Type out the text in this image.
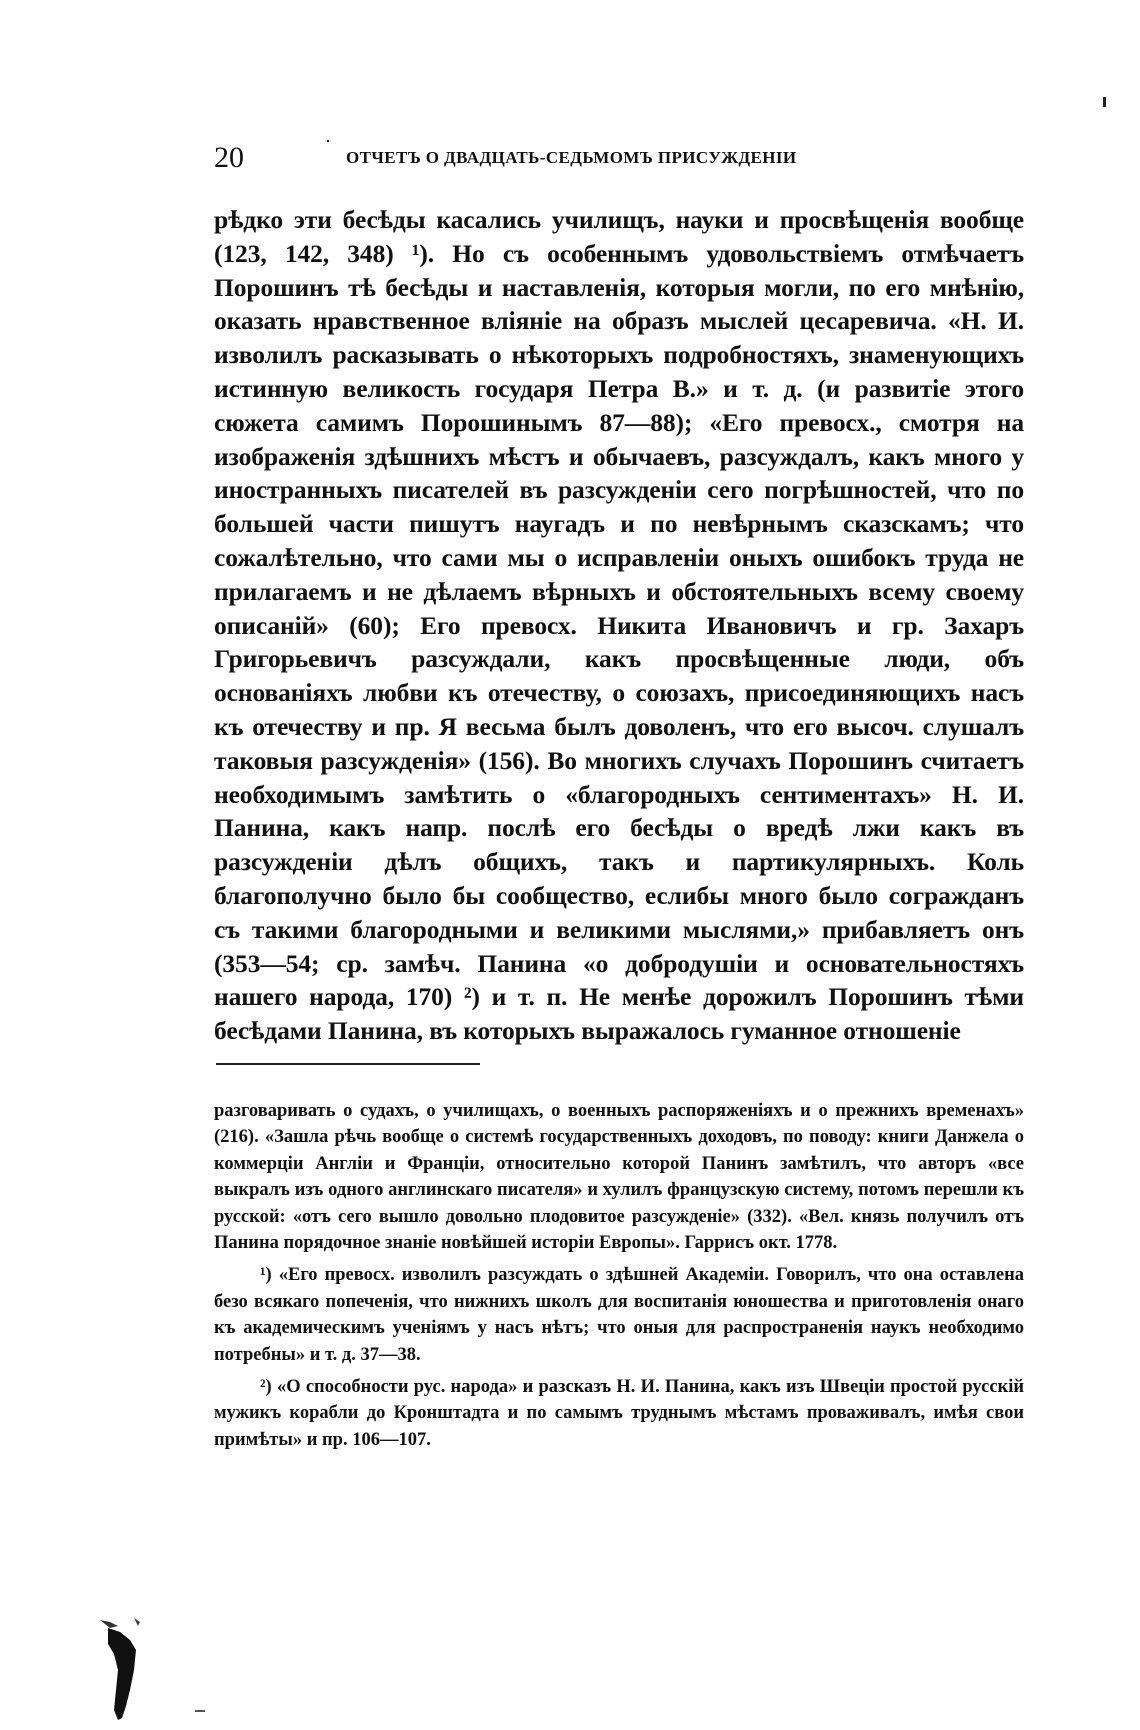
20	ОТЧЕТЪ О ДВАДЦАТЬ-СЕДЬМОМЪ ПРИСУЖДЕНІИ

рѣдко эти бесѣды касались училищъ, науки и просвѣщенія вообще (123, 142, 348) ¹). Но съ особеннымъ удовольствіемъ отмѣчаетъ Порошинъ тѣ бесѣды и наставленія, которыя могли, по его мнѣнію, оказать нравственное вліяніе на образъ мыслей цесаревича. «Н. И. изволилъ расказывать о нѣкоторыхъ подробностяхъ, знаменующихъ истинную великость государя Петра В.» и т. д. (и развитіе этого сюжета самимъ Порошинымъ 87—88); «Его превосх., смотря на изображенія здѣшнихъ мѣстъ и обычаевъ, разсуждалъ, какъ много у иностранныхъ писателей въ разсужденіи сего погрѣшностей, что по большей части пишутъ наугадъ и по невѣрнымъ сказскамъ; что сожалѣтельно, что сами мы о исправленіи оныхъ ошибокъ труда не прилагаемъ и не дѣлаемъ вѣрныхъ и обстоятельныхъ всему своему описаній» (60); Его превосх. Никита Ивановичъ и гр. Захаръ Григорьевичъ разсуждали, какъ просвѣщенные люди, объ основаніяхъ любви къ отечеству, о союзахъ, присоединяющихъ насъ къ отечеству и пр. Я весьма былъ доволенъ, что его высоч. слушалъ таковыя разсужденія» (156). Во многихъ случахъ Порошинъ считаетъ необходимымъ замѣтить о «благородныхъ сентиментахъ» Н. И. Панина, какъ напр. послѣ его бесѣды о вредѣ лжи какъ въ разсужденіи дѣлъ общихъ, такъ и партикулярныхъ. Коль благополучно было бы сообщество, еслибы много было согражданъ съ такими благородными и великими мыслями,» прибавляетъ онъ (353—54; ср. замѣч. Панина «о добродушіи и основательностяхъ нашего народа, 170) ²) и т. п. Не менѣе дорожилъ Порошинъ тѣми бесѣдами Панина, въ которыхъ выражалось гуманное отношеніе

разговаривать о судахъ, о училищахъ, о военныхъ распоряженіяхъ и о прежнихъ временахъ» (216). «Зашла рѣчь вообще о системѣ государственныхъ доходовъ, по поводу: книги Данжела о коммерціи Англіи и Франціи, относительно которой Панинъ замѣтилъ, что авторъ «все выкралъ изъ одного англинскаго писателя» и хулилъ французскую систему, потомъ перешли къ русской: «отъ сего вышло довольно плодовитое разсужденіе» (332). «Вел. князь получилъ отъ Панина порядочное знаніе новѣйшей исторіи Европы». Гаррисъ окт. 1778.

¹) «Его превосх. изволилъ разсуждать о здѣшней Академіи. Говорилъ, что она оставлена безо всякаго попеченія, что нижнихъ школъ для воспитанія юношества и приготовленія онаго къ академическимъ ученіямъ у насъ нѣтъ; что оныя для распространенія наукъ необходимо потребны» и т. д. 37—38.

²) «О способности рус. народа» и разсказъ Н. И. Панина, какъ изъ Швеціи простой русскій мужикъ корабли до Кронштадта и по самымъ труднымъ мѣстамъ проваживалъ, имѣя свои примѣты» и пр. 106—107.
